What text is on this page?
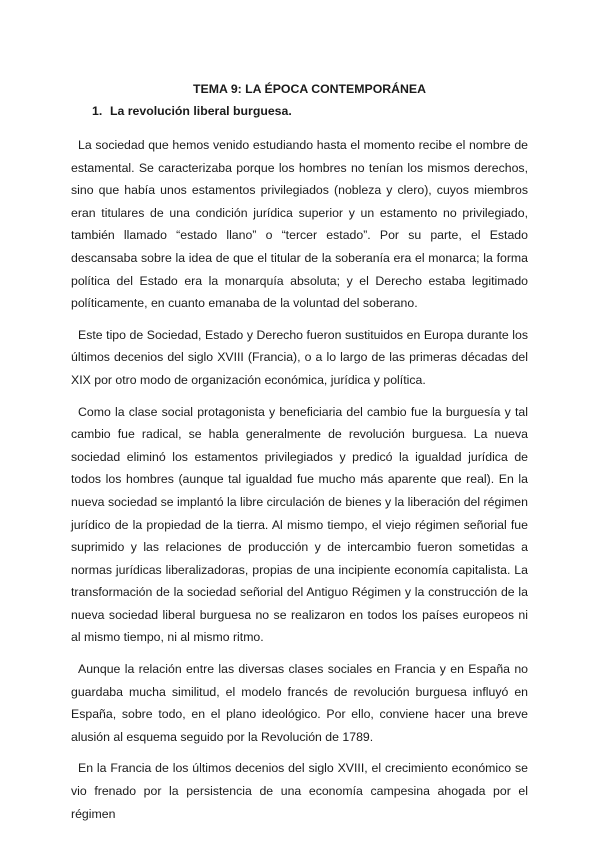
TEMA 9: LA ÉPOCA CONTEMPORÁNEA
1. La revolución liberal burguesa.

La sociedad que hemos venido estudiando hasta el momento recibe el nombre de estamental. Se caracterizaba porque los hombres no tenían los mismos derechos, sino que había unos estamentos privilegiados (nobleza y clero), cuyos miembros eran titulares de una condición jurídica superior y un estamento no privilegiado, también llamado “estado llano” o “tercer estado”. Por su parte, el Estado descansaba sobre la idea de que el titular de la soberanía era el monarca; la forma política del Estado era la monarquía absoluta; y el Derecho estaba legitimado políticamente, en cuanto emanaba de la voluntad del soberano.

Este tipo de Sociedad, Estado y Derecho fueron sustituidos en Europa durante los últimos decenios del siglo XVIII (Francia), o a lo largo de las primeras décadas del XIX por otro modo de organización económica, jurídica y política.

Como la clase social protagonista y beneficiaria del cambio fue la burguesía y tal cambio fue radical, se habla generalmente de revolución burguesa. La nueva sociedad eliminó los estamentos privilegiados y predicó la igualdad jurídica de todos los hombres (aunque tal igualdad fue mucho más aparente que real). En la nueva sociedad se implantó la libre circulación de bienes y la liberación del régimen jurídico de la propiedad de la tierra. Al mismo tiempo, el viejo régimen señorial fue suprimido y las relaciones de producción y de intercambio fueron sometidas a normas jurídicas liberalizadoras, propias de una incipiente economía capitalista. La transformación de la sociedad señorial del Antiguo Régimen y la construcción de la nueva sociedad liberal burguesa no se realizaron en todos los países europeos ni al mismo tiempo, ni al mismo ritmo.

Aunque la relación entre las diversas clases sociales en Francia y en España no guardaba mucha similitud, el modelo francés de revolución burguesa influyó en España, sobre todo, en el plano ideológico. Por ello, conviene hacer una breve alusión al esquema seguido por la Revolución de 1789.

En la Francia de los últimos decenios del siglo XVIII, el crecimiento económico se vio frenado por la persistencia de una economía campesina ahogada por el régimen
